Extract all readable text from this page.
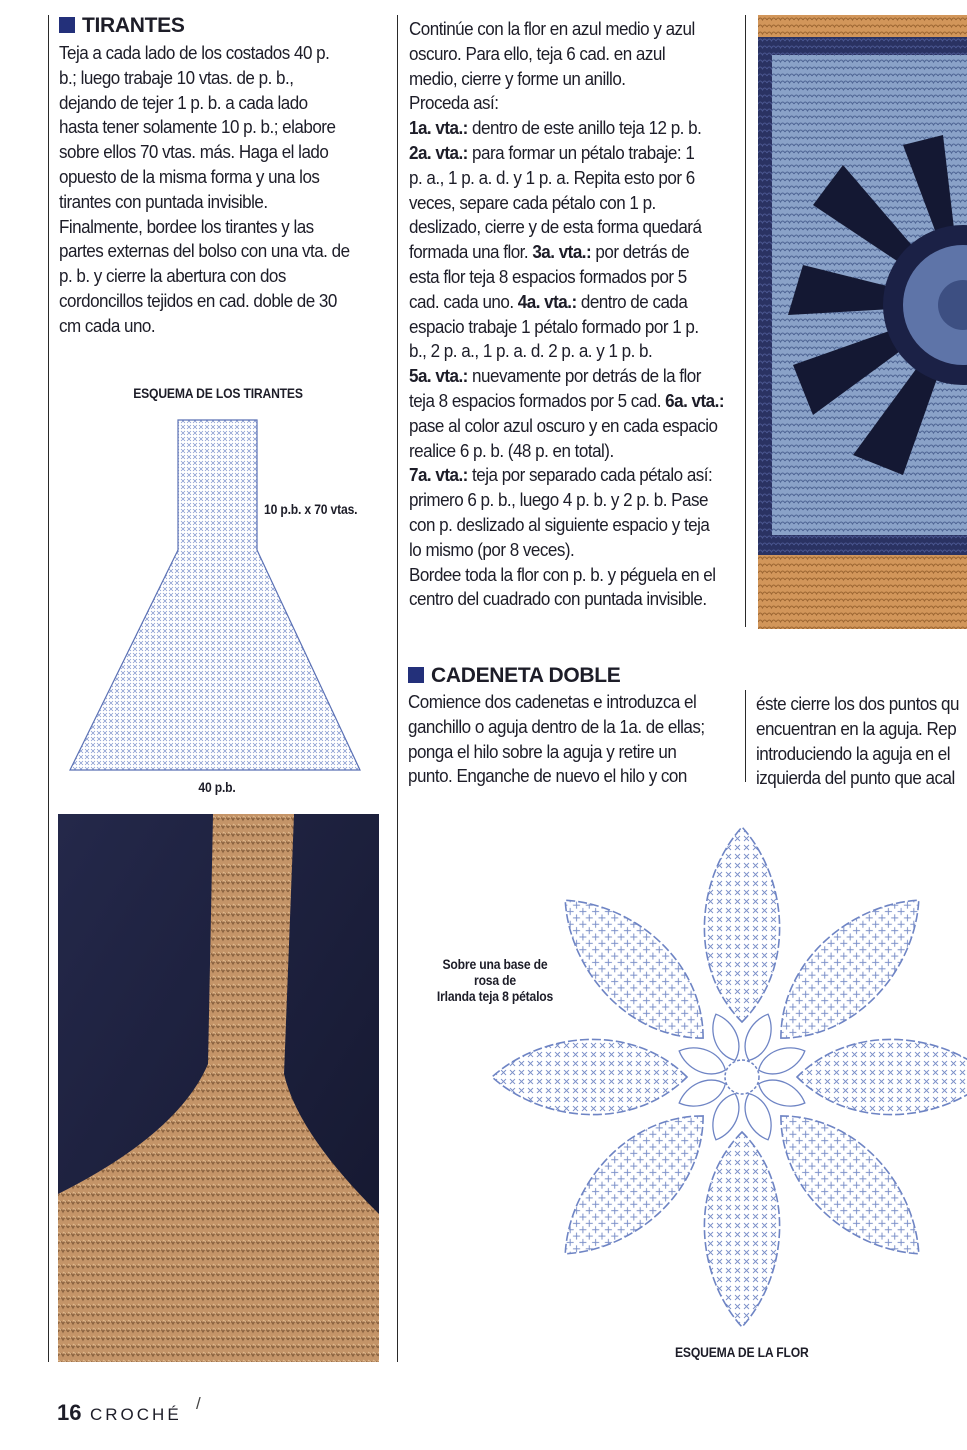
TIRANTES

Teja a cada lado de los costados 40 p.

b.; luego trabaje 10 vtas. de p. b.,

dejando de tejer 1 p. b. a cada lado

hasta tener solamente 10 p. b.; elabore

sobre ellos 70 vtas. más. Haga el lado

opuesto de la misma forma y una los

tirantes con puntada invisible.

Finalmente, bordee los tirantes y las

partes externas del bolso con una vta. de

p. b. y cierre la abertura con dos

cordoncillos tejidos en cad. doble de 30

cm cada uno.

ESQUEMA DE LOS TIRANTES
10 p.b. x 70 vtas.
40 p.b.

Continúe con la flor en azul medio y azul

oscuro. Para ello, teja 6 cad. en azul

medio, cierre y forme un anillo.

Proceda así:

1a. vta.: dentro de este anillo teja 12 p. b.

2a. vta.: para formar un pétalo trabaje: 1

p. a., 1 p. a. d. y 1 p. a. Repita esto por 6

veces, separe cada pétalo con 1 p.

deslizado, cierre y de esta forma quedará

formada una flor. 3a. vta.: por detrás de

esta flor teja 8 espacios formados por 5

cad. cada uno. 4a. vta.: dentro de cada

espacio trabaje 1 pétalo formado por 1 p.

b., 2 p. a., 1 p. a. d. 2 p. a. y 1 p. b.

5a. vta.: nuevamente por detrás de la flor

teja 8 espacios formados por 5 cad. 6a. vta.:

pase al color azul oscuro y en cada espacio

realice 6 p. b. (48 p. en total).

7a. vta.: teja por separado cada pétalo así:

primero 6 p. b., luego 4 p. b. y 2 p. b. Pase

con p. deslizado al siguiente espacio y teja

lo mismo (por 8 veces).

Bordee toda la flor con p. b. y péguela en el

centro del cuadrado con puntada invisible.

CADENETA DOBLE

Comience dos cadenetas e introduzca el

ganchillo o aguja dentro de la 1a. de ellas;

ponga el hilo sobre la aguja y retire un

punto. Enganche de nuevo el hilo y con

éste cierre los dos puntos qu

encuentran en la aguja. Rep

introduciendo la aguja en el

izquierda del punto que acal

Sobre una base de
rosa de
Irlanda teja 8 pétalos
ESQUEMA DE LA FLOR
16 CROCHÉ
/
